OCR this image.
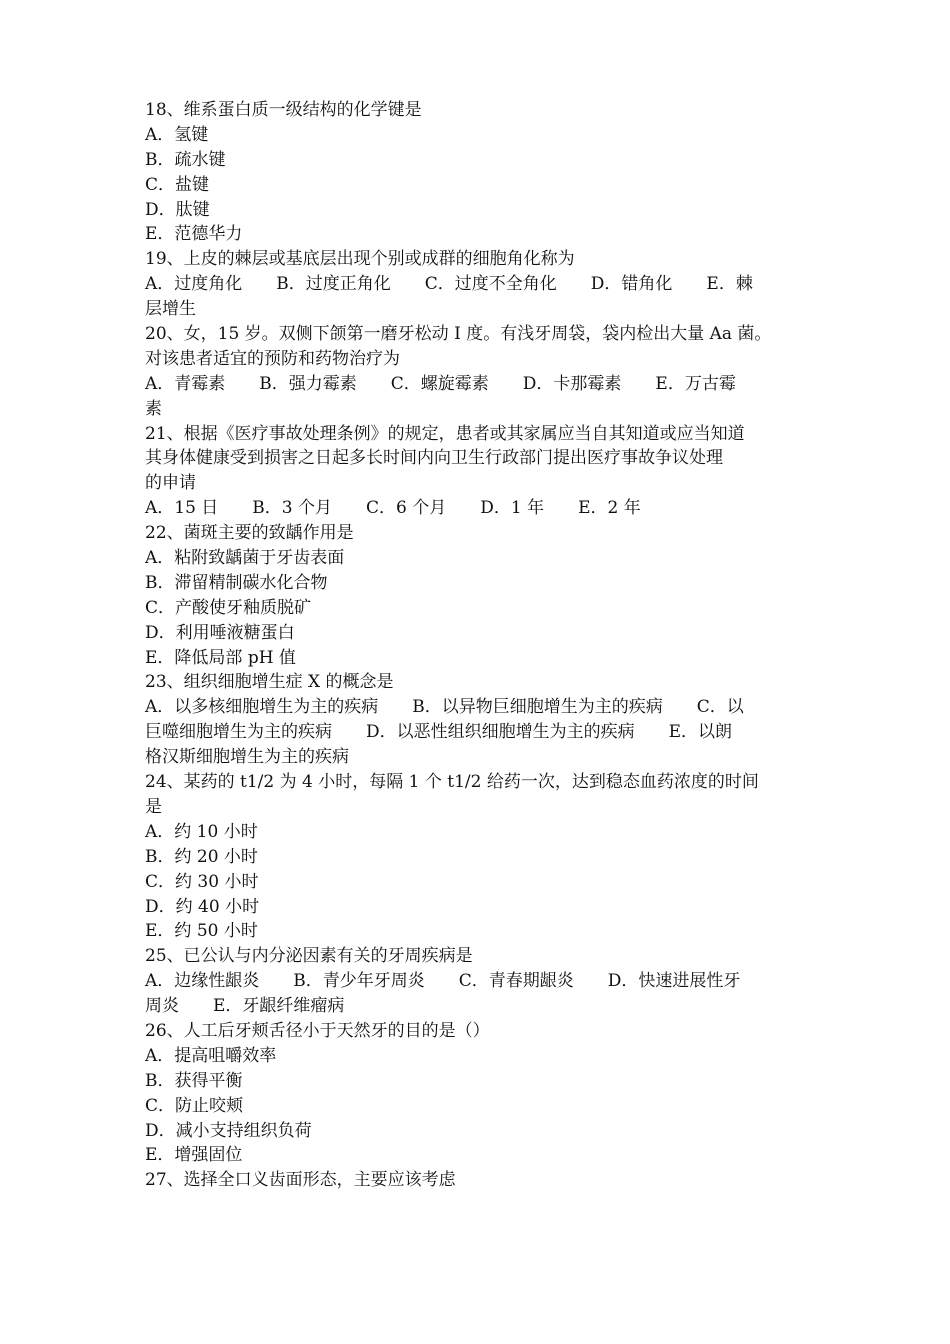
18、维系蛋白质一级结构的化学键是
A．氢键
B．疏水键
C．盐键
D．肽键
E．范德华力
19、上皮的棘层或基底层出现个别或成群的细胞角化称为
A．过度角化　　B．过度正角化　　C．过度不全角化　　D．错角化　　E．棘
层增生
20、女，15 岁。双侧下颌第一磨牙松动 I 度。有浅牙周袋，袋内检出大量 Aa 菌。
对该患者适宜的预防和药物治疗为
A．青霉素　　B．强力霉素　　C．螺旋霉素　　D．卡那霉素　　E．万古霉
素
21、根据《医疗事故处理条例》的规定，患者或其家属应当自其知道或应当知道
其身体健康受到损害之日起多长时间内向卫生行政部门提出医疗事故争议处理
的申请
A．15 日　　B．3 个月　　C．6 个月　　D．1 年　　E．2 年
22、菌斑主要的致龋作用是
A．粘附致龋菌于牙齿表面
B．滞留精制碳水化合物
C．产酸使牙釉质脱矿
D．利用唾液糖蛋白
E．降低局部 pH 值
23、组织细胞增生症 X 的概念是
A．以多核细胞增生为主的疾病　　B．以异物巨细胞增生为主的疾病　　C．以
巨噬细胞增生为主的疾病　　D．以恶性组织细胞增生为主的疾病　　E．以朗
格汉斯细胞增生为主的疾病
24、某药的 t1/2 为 4 小时，每隔 1 个 t1/2 给药一次，达到稳态血药浓度的时间
是
A．约 10 小时
B．约 20 小时
C．约 30 小时
D．约 40 小时
E．约 50 小时
25、已公认与内分泌因素有关的牙周疾病是
A．边缘性龈炎　　B．青少年牙周炎　　C．青春期龈炎　　D．快速进展性牙
周炎　　E．牙龈纤维瘤病
26、人工后牙颊舌径小于天然牙的目的是（）
A．提高咀嚼效率
B．获得平衡
C．防止咬颊
D．减小支持组织负荷
E．增强固位
27、选择全口义齿面形态，主要应该考虑
